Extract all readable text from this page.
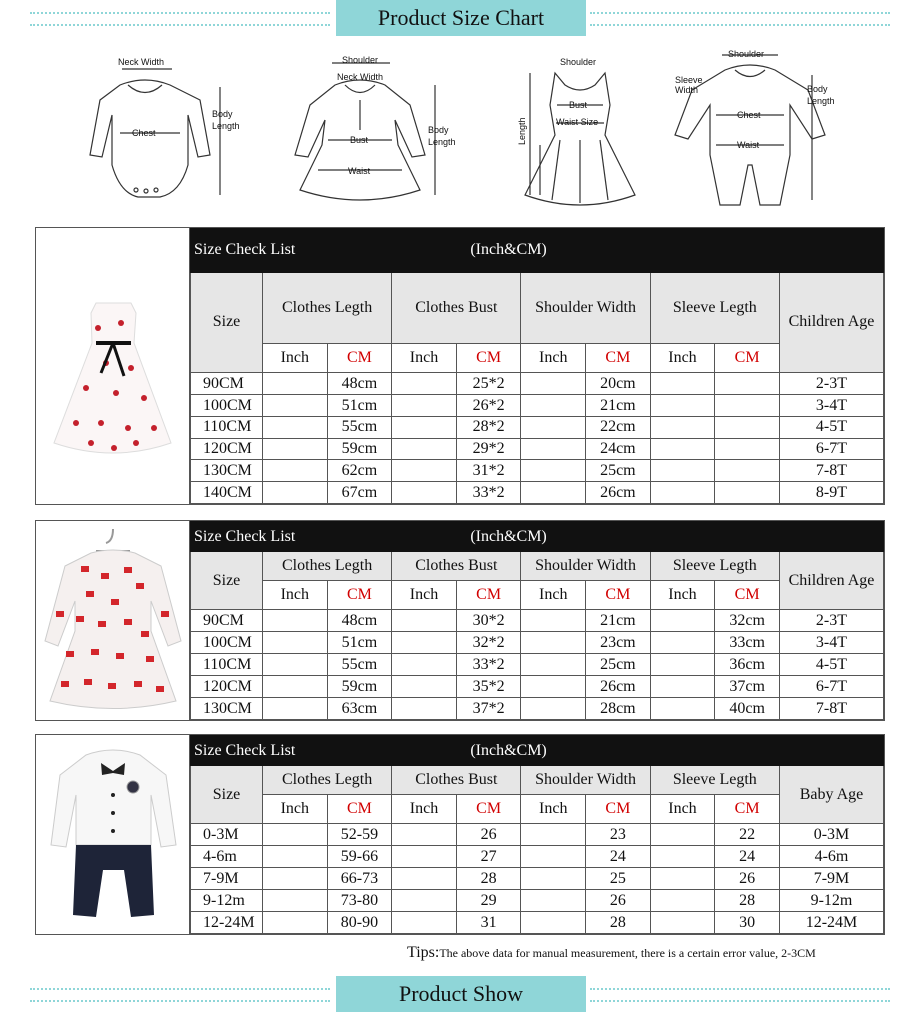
Product Size Chart
Neck Width
Chest
Body
Length
Shoulder
Neck Width
Bust
Waist
Body
Length
Shoulder
Bust
Waist Size
Length
Shoulder
Sleeve
Width
Chest
Waist
Body
Length
Size Check List (Inch&CM)									
Size	Clothes Legth		Clothes Bust		Shoulder Width		Sleeve Legth		Children Age
	Inch	CM	Inch	CM	Inch	CM	Inch	CM	
90CM		48cm		25*2		20cm			2-3T
100CM		51cm		26*2		21cm			3-4T
110CM		55cm		28*2		22cm			4-5T
120CM		59cm		29*2		24cm			6-7T
130CM		62cm		31*2		25cm			7-8T
140CM		67cm		33*2		26cm			8-9T
Size Check List (Inch&CM)									
Size	Clothes Legth		Clothes Bust		Shoulder Width		Sleeve Legth		Children Age
	Inch	CM	Inch	CM	Inch	CM	Inch	CM	
90CM		48cm		30*2		21cm		32cm	2-3T
100CM		51cm		32*2		23cm		33cm	3-4T
110CM		55cm		33*2		25cm		36cm	4-5T
120CM		59cm		35*2		26cm		37cm	6-7T
130CM		63cm		37*2		28cm		40cm	7-8T
Size Check List (Inch&CM)									
Size	Clothes Legth		Clothes Bust		Shoulder Width		Sleeve Legth		Baby Age
	Inch	CM	Inch	CM	Inch	CM	Inch	CM	
0-3M		52-59		26		23		22	0-3M
4-6m		59-66		27		24		24	4-6m
7-9M		66-73		28		25		26	7-9M
9-12m		73-80		29		26		28	9-12m
12-24M		80-90		31		28		30	12-24M
Tips:The above data for manual measurement, there is a certain error value, 2-3CM
Product Show
